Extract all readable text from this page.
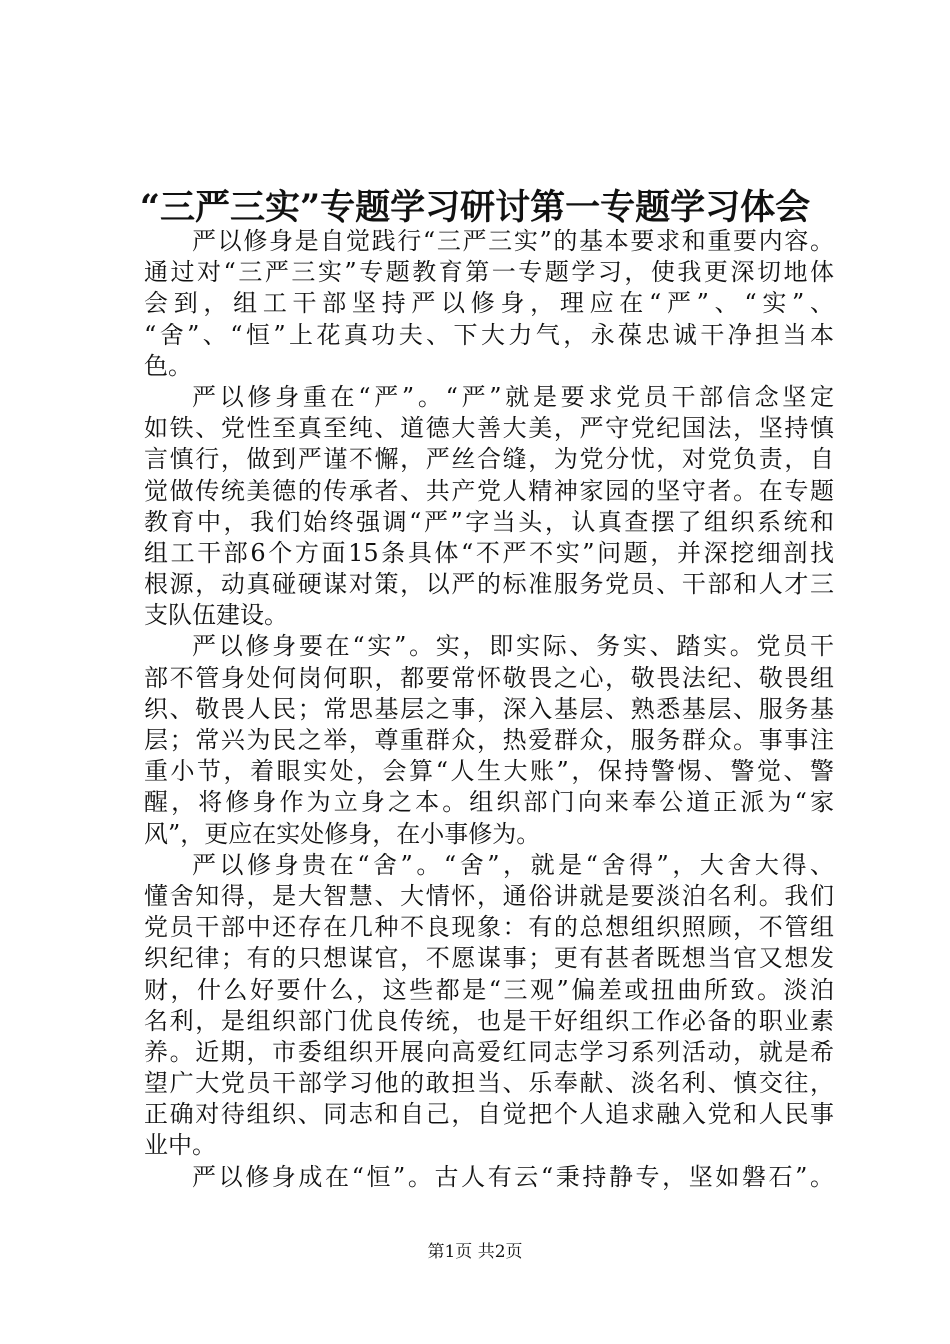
“三严三实”专题学习研讨第一专题学习体会
严以修身是自觉践行“三严三实”的基本要求和重要内容。
通过对“三严三实”专题教育第一专题学习，使我更深切地体
会到，组工干部坚持严以修身，理应在“严”、“实”、
“舍”、“恒”上花真功夫、下大力气，永葆忠诚干净担当本
色。
严以修身重在“严”。“严”就是要求党员干部信念坚定
如铁、党性至真至纯、道德大善大美，严守党纪国法，坚持慎
言慎行，做到严谨不懈，严丝合缝，为党分忧，对党负责，自
觉做传统美德的传承者、共产党人精神家园的坚守者。在专题
教育中，我们始终强调“严”字当头，认真查摆了组织系统和
组工干部6个方面15条具体“不严不实”问题，并深挖细剖找
根源，动真碰硬谋对策，以严的标准服务党员、干部和人才三
支队伍建设。
严以修身要在“实”。实，即实际、务实、踏实。党员干
部不管身处何岗何职，都要常怀敬畏之心，敬畏法纪、敬畏组
织、敬畏人民；常思基层之事，深入基层、熟悉基层、服务基
层；常兴为民之举，尊重群众，热爱群众，服务群众。事事注
重小节，着眼实处，会算“人生大账”，保持警惕、警觉、警
醒，将修身作为立身之本。组织部门向来奉公道正派为“家
风”，更应在实处修身，在小事修为。
严以修身贵在“舍”。“舍”，就是“舍得”，大舍大得、
懂舍知得，是大智慧、大情怀，通俗讲就是要淡泊名利。我们
党员干部中还存在几种不良现象：有的总想组织照顾，不管组
织纪律；有的只想谋官，不愿谋事；更有甚者既想当官又想发
财，什么好要什么，这些都是“三观”偏差或扭曲所致。淡泊
名利，是组织部门优良传统，也是干好组织工作必备的职业素
养。近期，市委组织开展向高爱红同志学习系列活动，就是希
望广大党员干部学习他的敢担当、乐奉献、淡名利、慎交往，
正确对待组织、同志和自己，自觉把个人追求融入党和人民事
业中。
严以修身成在“恒”。古人有云“秉持静专，坚如磐石”。
第1页 共2页
